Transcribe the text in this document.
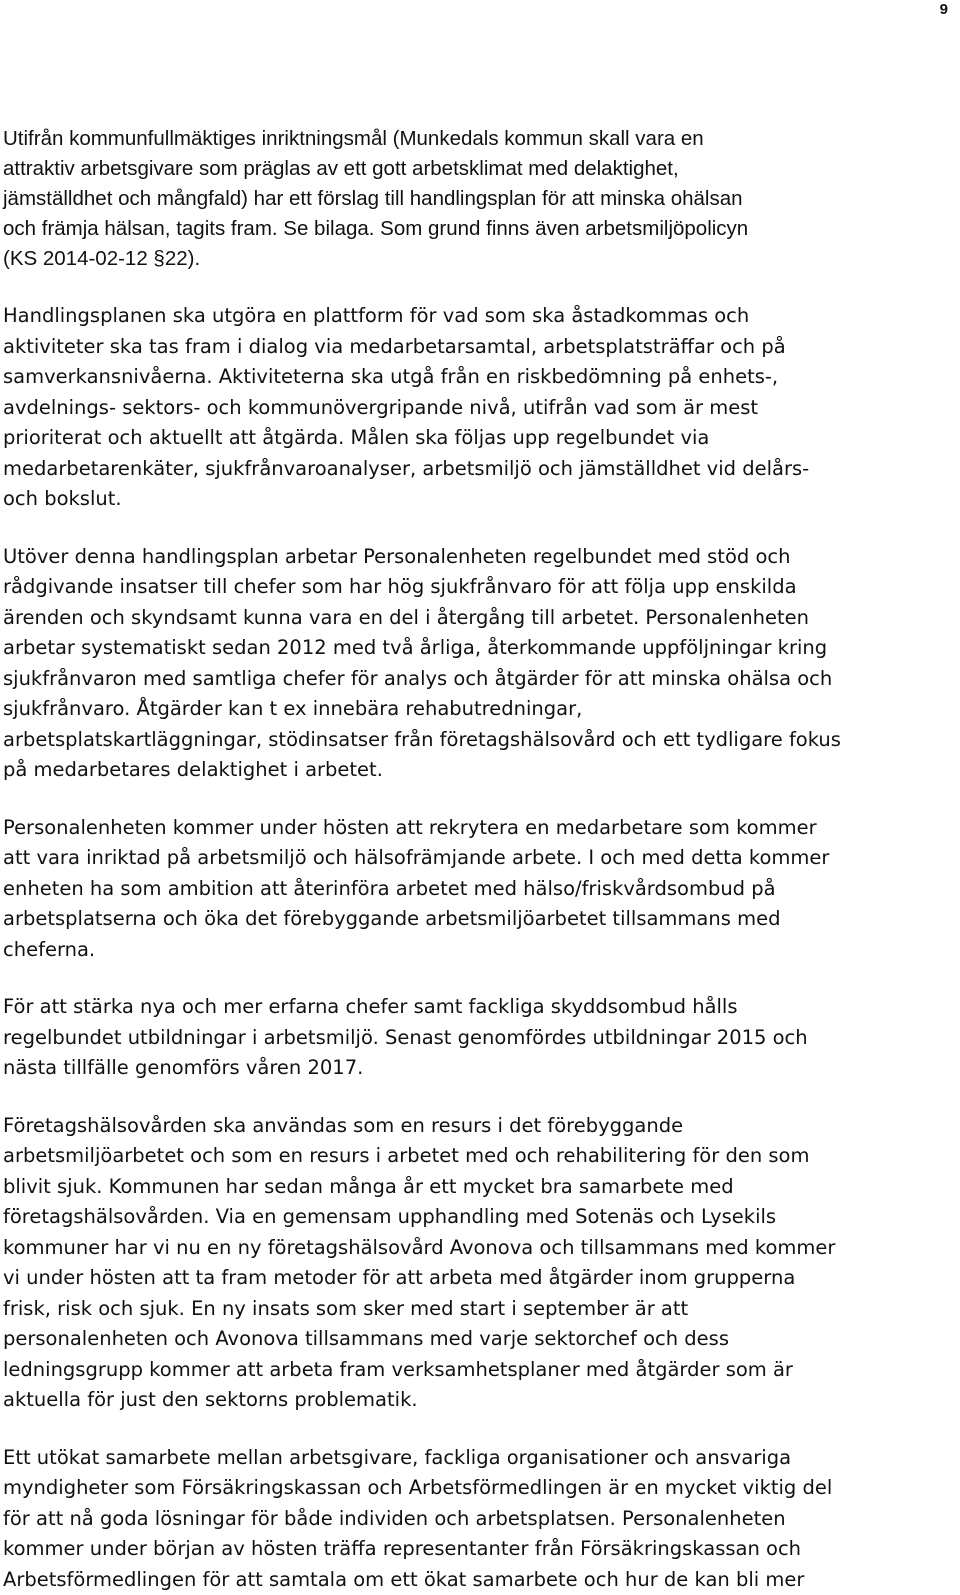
9

Utifrån kommunfullmäktiges inriktningsmål (Munkedals kommun skall vara en
attraktiv arbetsgivare som präglas av ett gott arbetsklimat med delaktighet,
jämställdhet och mångfald) har ett förslag till handlingsplan för att minska ohälsan
och främja hälsan, tagits fram. Se bilaga. Som grund finns även arbetsmiljöpolicyn
(KS 2014-02-12 §22).

Handlingsplanen ska utgöra en plattform för vad som ska åstadkommas och
aktiviteter ska tas fram i dialog via medarbetarsamtal, arbetsplatsträffar och på
samverkansnivåerna. Aktiviteterna ska utgå från en riskbedömning på enhets-,
avdelnings- sektors- och kommunövergripande nivå, utifrån vad som är mest
prioriterat och aktuellt att åtgärda. Målen ska följas upp regelbundet via
medarbetarenkäter, sjukfrånvaroanalyser, arbetsmiljö och jämställdhet vid delårs-
och bokslut.

Utöver denna handlingsplan arbetar Personalenheten regelbundet med stöd och
rådgivande insatser till chefer som har hög sjukfrånvaro för att följa upp enskilda
ärenden och skyndsamt kunna vara en del i återgång till arbetet. Personalenheten
arbetar systematiskt sedan 2012 med två årliga, återkommande uppföljningar kring
sjukfrånvaron med samtliga chefer för analys och åtgärder för att minska ohälsa och
sjukfrånvaro. Åtgärder kan t ex innebära rehabutredningar,
arbetsplatskartläggningar, stödinsatser från företagshälsovård och ett tydligare fokus
på medarbetares delaktighet i arbetet.

Personalenheten kommer under hösten att rekrytera en medarbetare som kommer
att vara inriktad på arbetsmiljö och hälsofrämjande arbete. I och med detta kommer
enheten ha som ambition att återinföra arbetet med hälso/friskvårdsombud på
arbetsplatserna och öka det förebyggande arbetsmiljöarbetet tillsammans med
cheferna.

För att stärka nya och mer erfarna chefer samt fackliga skyddsombud hålls
regelbundet utbildningar i arbetsmiljö. Senast genomfördes utbildningar 2015 och
nästa tillfälle genomförs våren 2017.

Företagshälsovården ska användas som en resurs i det förebyggande
arbetsmiljöarbetet och som en resurs i arbetet med och rehabilitering för den som
blivit sjuk. Kommunen har sedan många år ett mycket bra samarbete med
företagshälsovården. Via en gemensam upphandling med Sotenäs och Lysekils
kommuner har vi nu en ny företagshälsovård Avonova och tillsammans med kommer
vi under hösten att ta fram metoder för att arbeta med åtgärder inom grupperna
frisk, risk och sjuk. En ny insats som sker med start i september är att
personalenheten och Avonova tillsammans med varje sektorchef och dess
ledningsgrupp kommer att arbeta fram verksamhetsplaner med åtgärder som är
aktuella för just den sektorns problematik.

Ett utökat samarbete mellan arbetsgivare, fackliga organisationer och ansvariga
myndigheter som Försäkringskassan och Arbetsförmedlingen är en mycket viktig del
för att nå goda lösningar för både individen och arbetsplatsen. Personalenheten
kommer under början av hösten träffa representanter från Försäkringskassan och
Arbetsförmedlingen för att samtala om ett ökat samarbete och hur de kan bli mer
